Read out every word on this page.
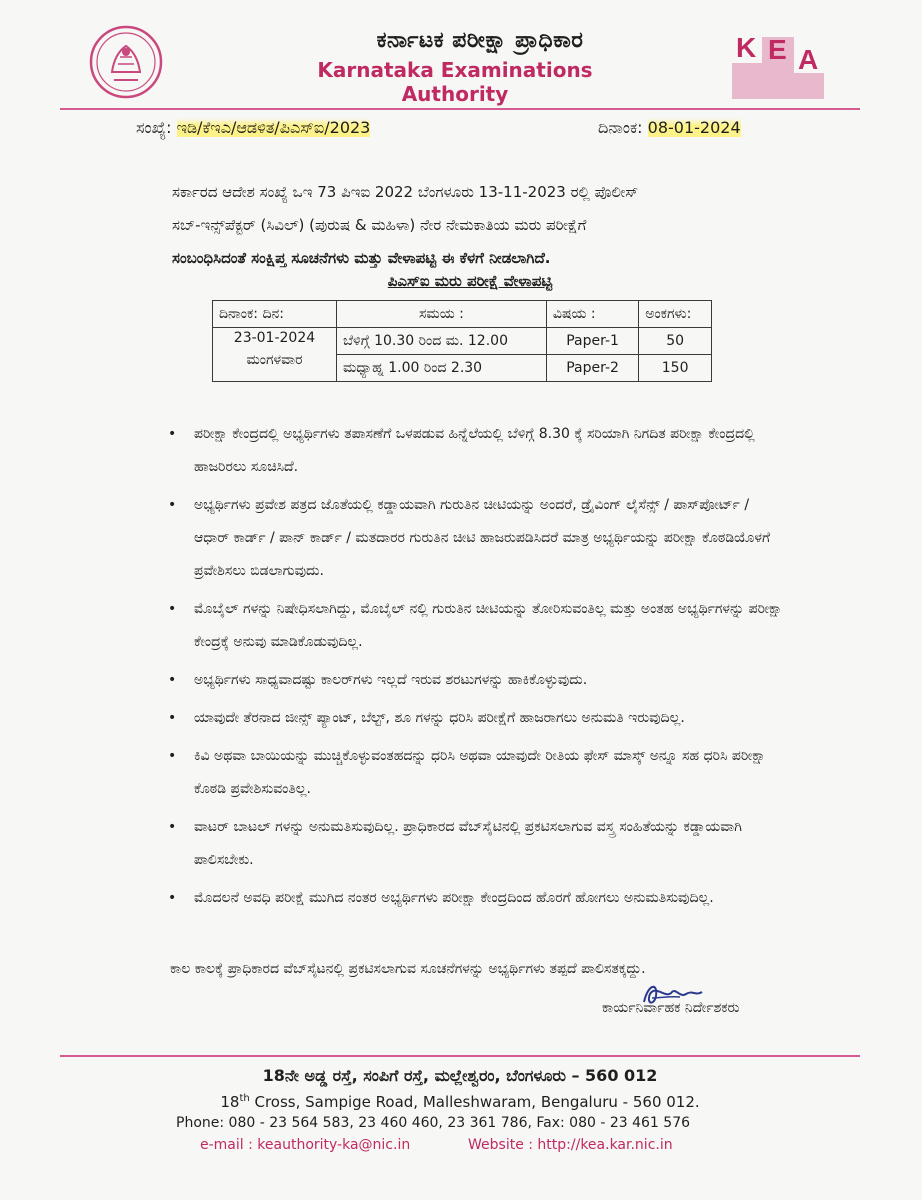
ಕರ್ನಾಟಕ ಪರೀಕ್ಷಾ ಪ್ರಾಧಿಕಾರ
Karnataka Examinations Authority
K E A
ಸಂಖ್ಯೆ: ಇಡಿ/ಕೆಇಎ/ಆಡಳಿತ/ಪಿಎಸ್ಐ/2023	ದಿನಾಂಕ: 08-01-2024
ಸರ್ಕಾರದ ಆದೇಶ ಸಂಖ್ಯೆ ಒಇ 73 ಪಿಇಐ 2022 ಬೆಂಗಳೂರು 13-11-2023 ರಲ್ಲಿ ಪೊಲೀಸ್
ಸಬ್-ಇನ್ಸ್‌ಪೆಕ್ಟರ್ (ಸಿವಿಲ್) (ಪುರುಷ & ಮಹಿಳಾ) ನೇರ ನೇಮಕಾತಿಯ ಮರು ಪರೀಕ್ಷೆಗೆ
ಸಂಬಂಧಿಸಿದಂತೆ ಸಂಕ್ಷಿಪ್ತ ಸೂಚನೆಗಳು ಮತ್ತು ವೇಳಾಪಟ್ಟಿ ಈ ಕೆಳಗೆ ನೀಡಲಾಗಿದೆ.
ಪಿಎಸ್ಐ ಮರು ಪರೀಕ್ಷೆ ವೇಳಾಪಟ್ಟಿ
ದಿನಾಂಕ: ದಿನ:	ಸಮಯ :	ವಿಷಯ :	ಅಂಕಗಳು:

23-01-2024
ಮಂಗಳವಾರ	ಬೆಳಿಗ್ಗೆ 10.30 ರಿಂದ ಮ. 12.00	Paper-1	50
	ಮಧ್ಯಾಹ್ನ 1.00 ರಿಂದ 2.30	Paper-2	150
• ಪರೀಕ್ಷಾ ಕೇಂದ್ರದಲ್ಲಿ ಅಭ್ಯರ್ಥಿಗಳು ತಪಾಸಣೆಗೆ ಒಳಪಡುವ ಹಿನ್ನೆಲೆಯಲ್ಲಿ ಬೆಳಿಗ್ಗೆ 8.30 ಕ್ಕೆ ಸರಿಯಾಗಿ ನಿಗದಿತ ಪರೀಕ್ಷಾ ಕೇಂದ್ರದಲ್ಲಿ ಹಾಜರಿರಲು ಸೂಚಿಸಿದೆ.
• ಅಭ್ಯರ್ಥಿಗಳು ಪ್ರವೇಶ ಪತ್ರದ ಜೊತೆಯಲ್ಲಿ ಕಡ್ಡಾಯವಾಗಿ ಗುರುತಿನ ಚೀಟಿಯನ್ನು ಅಂದರೆ, ಡ್ರೈವಿಂಗ್ ಲೈಸೆನ್ಸ್ / ಪಾಸ್‌ಪೋರ್ಟ್ / ಆಧಾರ್ ಕಾರ್ಡ್ / ಪಾನ್ ಕಾರ್ಡ್ / ಮತದಾರರ ಗುರುತಿನ ಚೀಟಿ ಹಾಜರುಪಡಿಸಿದರೆ ಮಾತ್ರ ಅಭ್ಯರ್ಥಿಯನ್ನು ಪರೀಕ್ಷಾ ಕೊಠಡಿಯೊಳಗೆ ಪ್ರವೇಶಿಸಲು ಬಿಡಲಾಗುವುದು.
• ಮೊಬೈಲ್ ಗಳನ್ನು ನಿಷೇಧಿಸಲಾಗಿದ್ದು, ಮೊಬೈಲ್ ನಲ್ಲಿ ಗುರುತಿನ ಚೀಟಿಯನ್ನು ತೋರಿಸುವಂತಿಲ್ಲ ಮತ್ತು ಅಂತಹ ಅಭ್ಯರ್ಥಿಗಳನ್ನು ಪರೀಕ್ಷಾ ಕೇಂದ್ರಕ್ಕೆ ಅನುವು ಮಾಡಿಕೊಡುವುದಿಲ್ಲ.
• ಅಭ್ಯರ್ಥಿಗಳು ಸಾಧ್ಯವಾದಷ್ಟು ಕಾಲರ್‌ಗಳು ಇಲ್ಲದೆ ಇರುವ ಶರಟುಗಳನ್ನು ಹಾಕಿಕೊಳ್ಳುವುದು.
• ಯಾವುದೇ ತೆರನಾದ ಜೀನ್ಸ್ ಪ್ಯಾಂಟ್, ಬೆಲ್ಟ್, ಶೂ ಗಳನ್ನು ಧರಿಸಿ ಪರೀಕ್ಷೆಗೆ ಹಾಜರಾಗಲು ಅನುಮತಿ ಇರುವುದಿಲ್ಲ.
• ಕಿವಿ ಅಥವಾ ಬಾಯಿಯನ್ನು ಮುಚ್ಚಿಕೊಳ್ಳುವಂತಹದನ್ನು ಧರಿಸಿ ಅಥವಾ ಯಾವುದೇ ರೀತಿಯ ಫೇಸ್ ಮಾಸ್ಕ್ ಅನ್ನೂ ಸಹ ಧರಿಸಿ ಪರೀಕ್ಷಾ ಕೊಠಡಿ ಪ್ರವೇಶಿಸುವಂತಿಲ್ಲ.
• ವಾಟರ್ ಬಾಟಲ್ ಗಳನ್ನು ಅನುಮತಿಸುವುದಿಲ್ಲ. ಪ್ರಾಧಿಕಾರದ ವೆಬ್‌ಸೈಟಿನಲ್ಲಿ ಪ್ರಕಟಿಸಲಾಗುವ ವಸ್ತ್ರ ಸಂಹಿತೆಯನ್ನು ಕಡ್ಡಾಯವಾಗಿ ಪಾಲಿಸಬೇಕು.
• ಮೊದಲನೆ ಅವಧಿ ಪರೀಕ್ಷೆ ಮುಗಿದ ನಂತರ ಅಭ್ಯರ್ಥಿಗಳು ಪರೀಕ್ಷಾ ಕೇಂದ್ರದಿಂದ ಹೊರಗೆ ಹೋಗಲು ಅನುಮತಿಸುವುದಿಲ್ಲ.
ಕಾಲ ಕಾಲಕ್ಕೆ ಪ್ರಾಧಿಕಾರದ ವೆಬ್‌ಸೈಟನಲ್ಲಿ ಪ್ರಕಟಿಸಲಾಗುವ ಸೂಚನೆಗಳನ್ನು ಅಭ್ಯರ್ಥಿಗಳು ತಪ್ಪದೆ ಪಾಲಿಸತಕ್ಕದ್ದು.
ಕಾರ್ಯನಿರ್ವಾಹಕ ನಿರ್ದೇಶಕರು
18ನೇ ಅಡ್ಡ ರಸ್ತೆ, ಸಂಪಿಗೆ ರಸ್ತೆ, ಮಲ್ಲೇಶ್ವರಂ, ಬೆಂಗಳೂರು – 560 012
18th Cross, Sampige Road, Malleshwaram, Bengaluru - 560 012.
Phone: 080 - 23 564 583, 23 460 460, 23 361 786, Fax: 080 - 23 461 576
e-mail : keauthority-ka@nic.in	Website : http://kea.kar.nic.in
